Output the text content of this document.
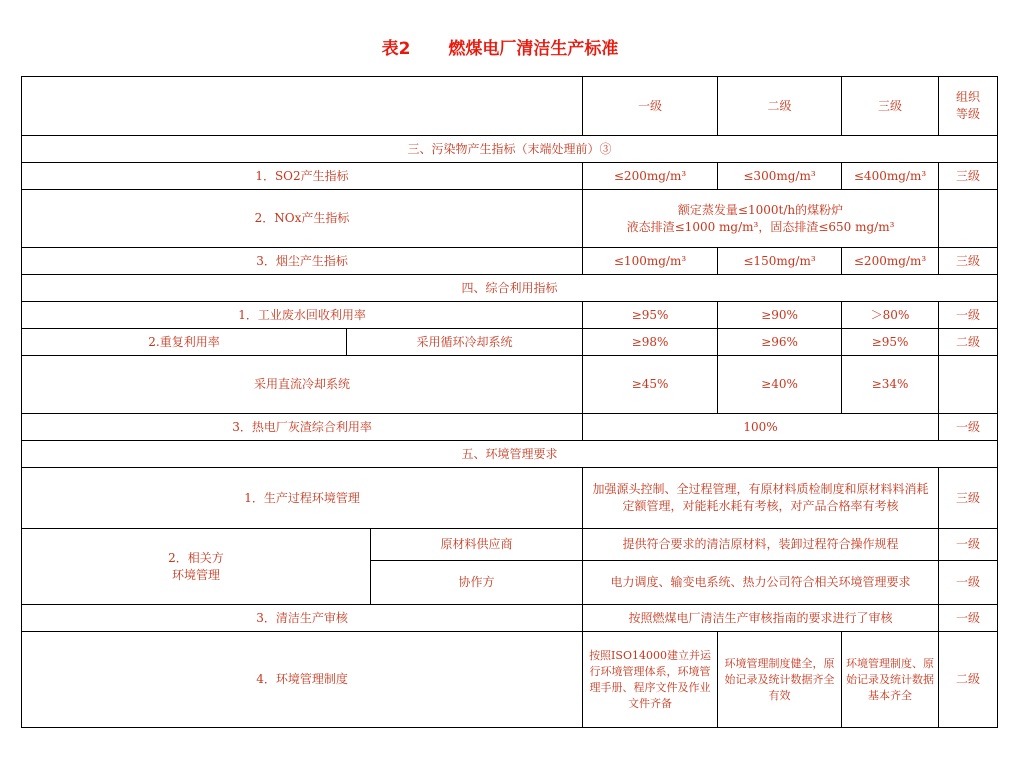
表2 燃煤电厂清洁生产标准
			一级	二级	三级	组织
等级
三、污染物产生指标（末端处理前）③						
1．SO2产生指标			≤200mg/m³	≤300mg/m³	≤400mg/m³	三级
2．NOx产生指标			额定蒸发量≤1000t/h的煤粉炉
液态排渣≤1000 mg/m³，固态排渣≤650 mg/m³			
3．烟尘产生指标			≤100mg/m³	≤150mg/m³	≤200mg/m³	三级
四、综合利用指标						
1．工业废水回收利用率			≥95%	≥90%	＞80%	一级
2.重复利用率	采用循环冷却系统		≥98%	≥96%	≥95%	二级
采用直流冷却系统			≥45%	≥40%	≥34%	
3．热电厂灰渣综合利用率			100%			一级
五、环境管理要求						
1．生产过程环境管理			加强源头控制、全过程管理，有原材料质检制度和原材料料消耗定额管理，对能耗水耗有考核，对产品合格率有考核			三级
2．相关方
环境管理		原材料供应商	提供符合要求的清洁原材料，装卸过程符合操作规程			一级
		协作方	电力调度、输变电系统、热力公司符合相关环境管理要求			一级
3．清洁生产审核			按照燃煤电厂清洁生产审核指南的要求进行了审核			一级
4．环境管理制度			按照ISO14000建立并运行环境管理体系，环境管理手册、程序文件及作业文件齐备	环境管理制度健全，原始记录及统计数据齐全有效	环境管理制度、原始记录及统计数据基本齐全	二级
